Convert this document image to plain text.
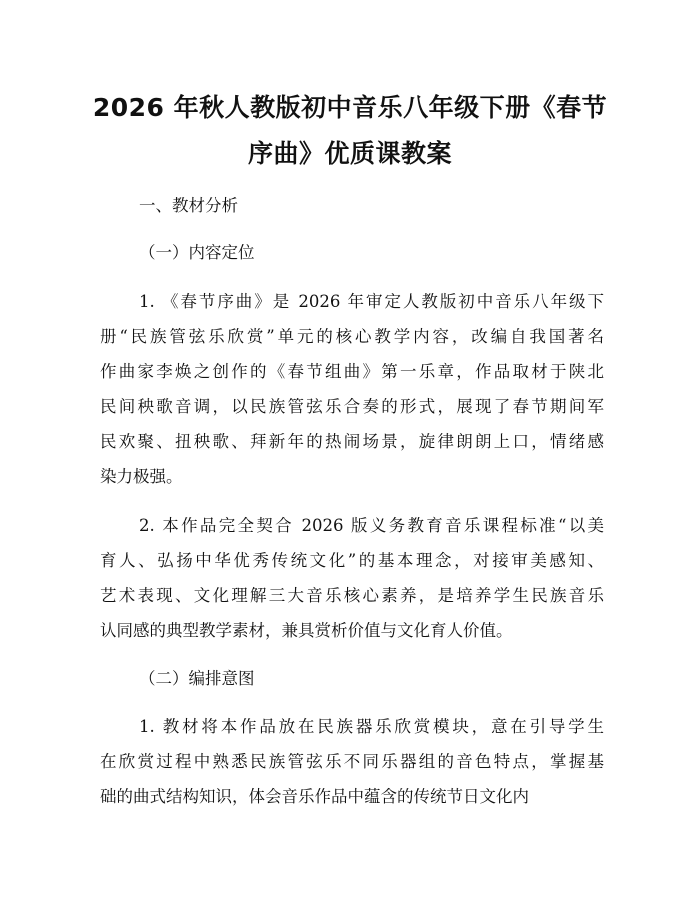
2026 年秋人教版初中音乐八年级下册《春节
序曲》优质课教案

一、教材分析

（一）内容定位

1. 《春节序曲》是 2026 年审定人教版初中音乐八年级下

册“民族管弦乐欣赏”单元的核心教学内容，改编自我国著名

作曲家李焕之创作的《春节组曲》第一乐章，作品取材于陕北

民间秧歌音调，以民族管弦乐合奏的形式，展现了春节期间军

民欢聚、扭秧歌、拜新年的热闹场景，旋律朗朗上口，情绪感

染力极强。

2. 本作品完全契合 2026 版义务教育音乐课程标准“以美

育人、弘扬中华优秀传统文化”的基本理念，对接审美感知、

艺术表现、文化理解三大音乐核心素养，是培养学生民族音乐

认同感的典型教学素材，兼具赏析价值与文化育人价值。

（二）编排意图

1. 教材将本作品放在民族器乐欣赏模块，意在引导学生

在欣赏过程中熟悉民族管弦乐不同乐器组的音色特点，掌握基

础的曲式结构知识，体会音乐作品中蕴含的传统节日文化内
